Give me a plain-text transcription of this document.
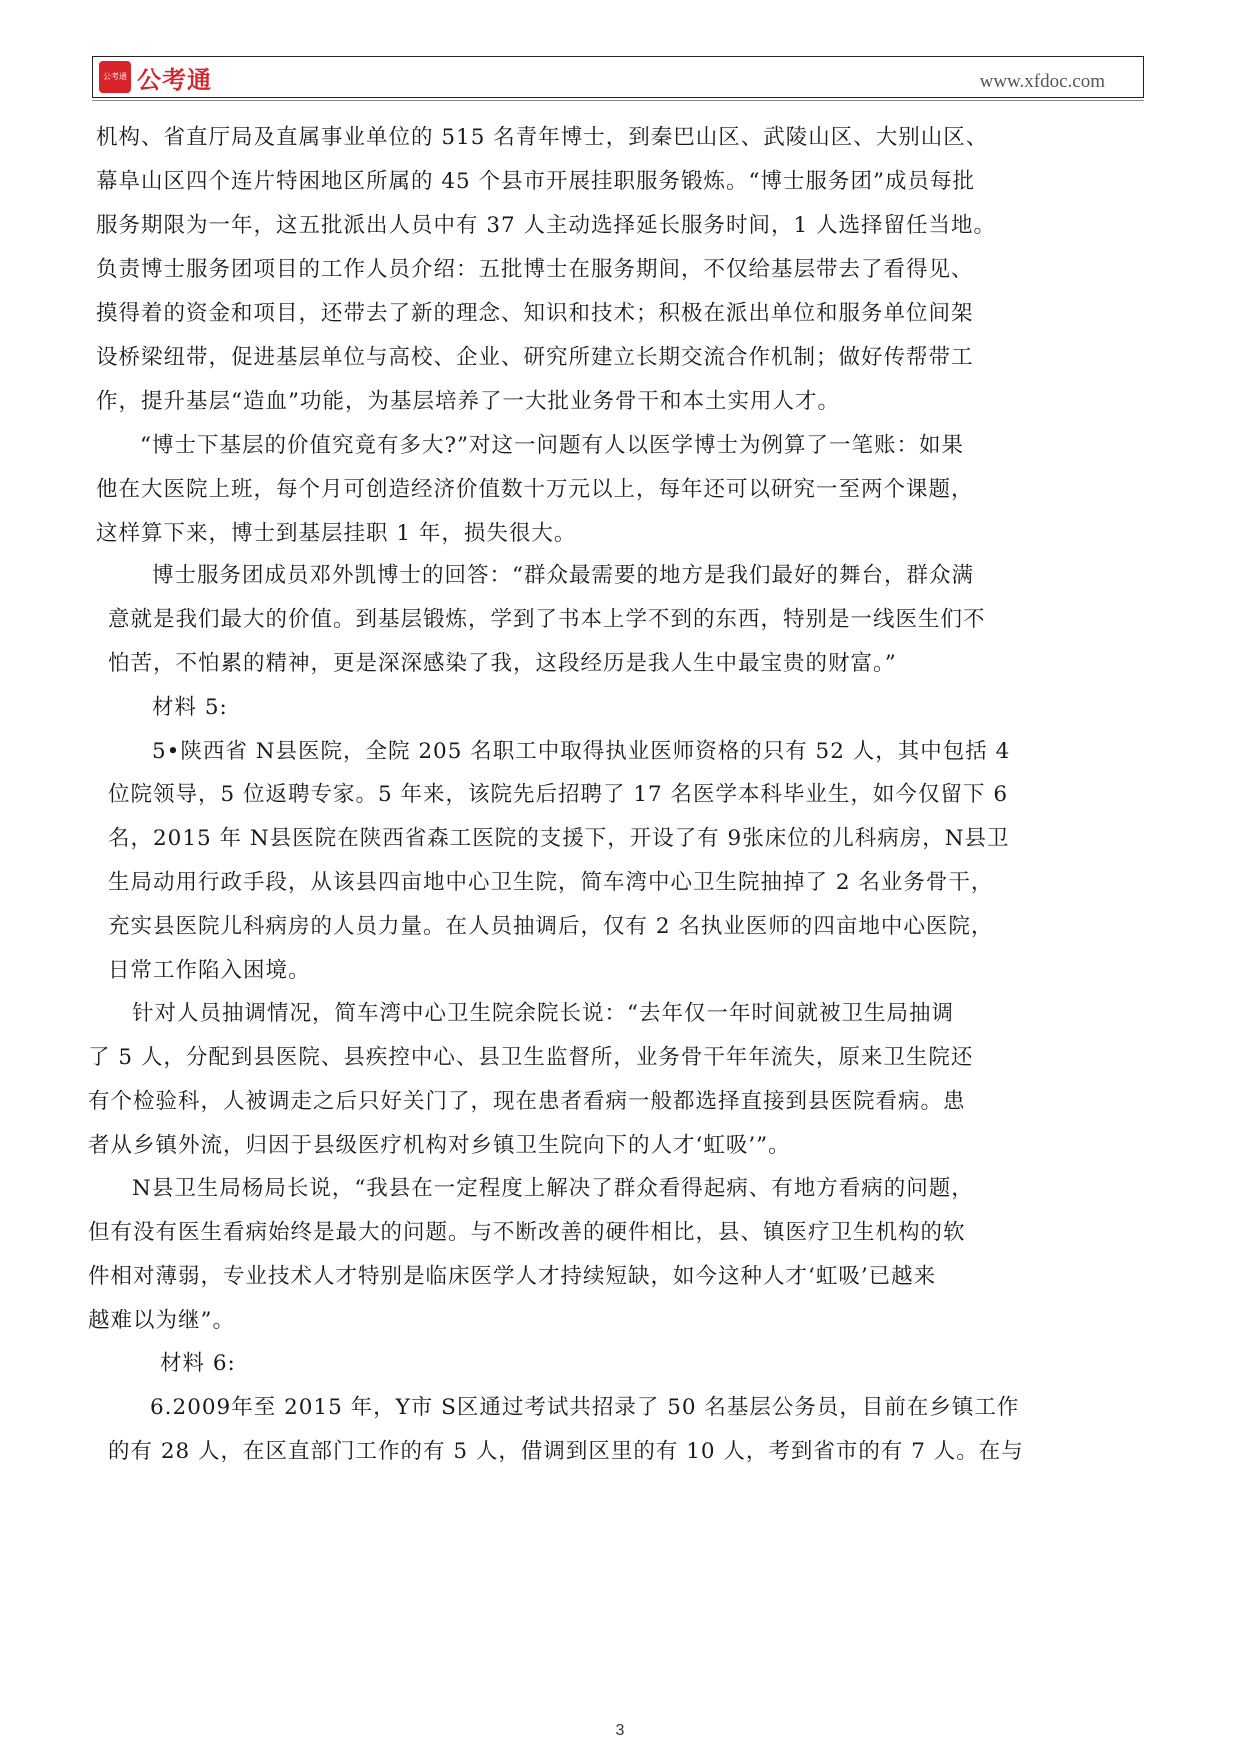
公考通 公考通	www.xfdoc.com
机构、省直厅局及直属事业单位的 515 名青年博士，到秦巴山区、武陵山区、大别山区、
幕阜山区四个连片特困地区所属的 45 个县市开展挂职服务锻炼。“博士服务团”成员每批
服务期限为一年，这五批派出人员中有 37 人主动选择延长服务时间，1 人选择留任当地。
负责博士服务团项目的工作人员介绍：五批博士在服务期间，不仅给基层带去了看得见、
摸得着的资金和项目，还带去了新的理念、知识和技术；积极在派出单位和服务单位间架
设桥梁纽带，促进基层单位与高校、企业、研究所建立长期交流合作机制；做好传帮带工
作，提升基层“造血”功能，为基层培养了一大批业务骨干和本土实用人才。
“博士下基层的价值究竟有多大?”对这一问题有人以医学博士为例算了一笔账：如果
他在大医院上班，每个月可创造经济价值数十万元以上，每年还可以研究一至两个课题，
这样算下来，博士到基层挂职 1 年，损失很大。
博士服务团成员邓外凯博士的回答：“群众最需要的地方是我们最好的舞台，群众满
意就是我们最大的价值。到基层锻炼，学到了书本上学不到的东西，特别是一线医生们不
怕苦，不怕累的精神，更是深深感染了我，这段经历是我人生中最宝贵的财富。”
材料 5:
5•陕西省 N县医院，全院 205 名职工中取得执业医师资格的只有 52 人，其中包括 4
位院领导，5 位返聘专家。5 年来，该院先后招聘了 17 名医学本科毕业生，如今仅留下 6
名，2015 年 N县医院在陕西省森工医院的支援下，开设了有 9张床位的儿科病房，N县卫
生局动用行政手段，从该县四亩地中心卫生院，简车湾中心卫生院抽掉了 2 名业务骨干，
充实县医院儿科病房的人员力量。在人员抽调后，仅有 2 名执业医师的四亩地中心医院，
日常工作陷入困境。
针对人员抽调情况，简车湾中心卫生院余院长说：“去年仅一年时间就被卫生局抽调
了 5 人，分配到县医院、县疾控中心、县卫生监督所，业务骨干年年流失，原来卫生院还
有个检验科，人被调走之后只好关门了，现在患者看病一般都选择直接到县医院看病。患
者从乡镇外流，归因于县级医疗机构对乡镇卫生院向下的人才‘虹吸’”。
N县卫生局杨局长说，“我县在一定程度上解决了群众看得起病、有地方看病的问题，
但有没有医生看病始终是最大的问题。与不断改善的硬件相比，县、镇医疗卫生机构的软
件相对薄弱，专业技术人才特别是临床医学人才持续短缺，如今这种人才‘虹吸’已越来
越难以为继”。
材料 6:
6.2009年至 2015 年，Y市 S区通过考试共招录了 50 名基层公务员，目前在乡镇工作
的有 28 人，在区直部门工作的有 5 人，借调到区里的有 10 人，考到省市的有 7 人。在与
3
